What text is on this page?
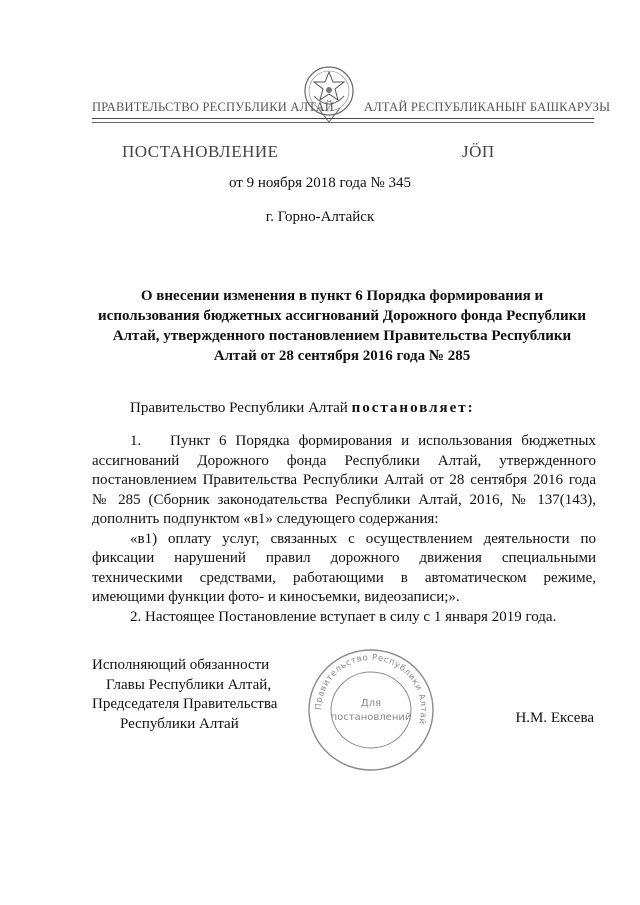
ПРАВИТЕЛЬСТВО РЕСПУБЛИКИ АЛТАЙ АЛТАЙ РЕСПУБЛИКАНЫҤ БАШКАРУЗЫ
ПОСТАНОВЛЕНИЕ	ЈÖП
от 9 ноября 2018 года № 345
г. Горно-Алтайск
О внесении изменения в пункт 6 Порядка формирования и использования бюджетных ассигнований Дорожного фонда Республики Алтай, утвержденного постановлением Правительства Республики Алтай от 28 сентября 2016 года № 285
Правительство Республики Алтай постановляет:

1. Пункт 6 Порядка формирования и использования бюджетных ассигнований Дорожного фонда Республики Алтай, утвержденного постановлением Правительства Республики Алтай от 28 сентября 2016 года № 285 (Сборник законодательства Республики Алтай, 2016, № 137(143), дополнить подпунктом «в1» следующего содержания:

«в1) оплату услуг, связанных с осуществлением деятельности по фиксации нарушений правил дорожного движения специальными техническими средствами, работающими в автоматическом режиме, имеющими функции фото- и киносъемки, видеозаписи;».

2. Настоящее Постановление вступает в силу с 1 января 2019 года.

Исполняющий обязанности
Главы Республики Алтай,
Председателя Правительства
Республики Алтай
Правительство Республики Алтай
Для
постановлений	Н.М. Ексева
